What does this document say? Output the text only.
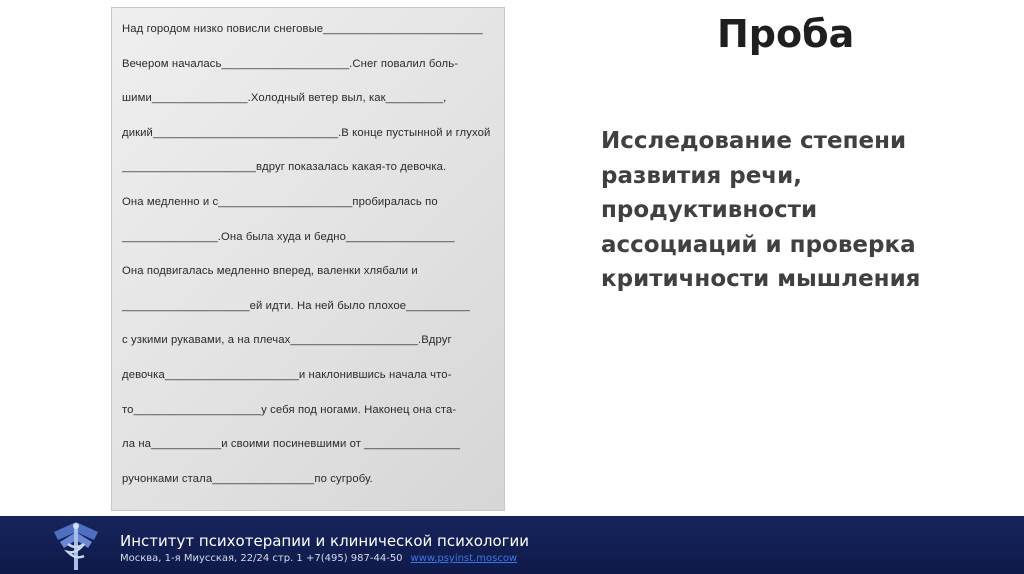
Проба
Над городом низко повисли снеговые_________________________
Вечером началась____________________.Снег повалил боль-
шими_______________.Холодный ветер выл, как_________,
дикий_____________________________.В конце пустынной и глухой
_____________________вдруг показалась какая-то девочка.
Она медленно и с_____________________пробиралась по
_______________.Она была худа и бедно_________________
Она подвигалась медленно вперед, валенки хлябали и
____________________ей идти. На ней было плохое__________
с узкими рукавами, а на плечах____________________.Вдруг
девочка_____________________и наклонившись начала что-
то____________________у себя под ногами. Наконец она ста-
ла на___________и своими посиневшими от _______________
ручонками стала________________по сугробу.
Исследование степени развития речи, продуктивности ассоциаций и проверка критичности мышления
Институт психотерапии и клинической психологии
Москва, 1-я Миусская, 22/24 стр. 1 +7(495) 987-44-50 www.psyinst.moscow
